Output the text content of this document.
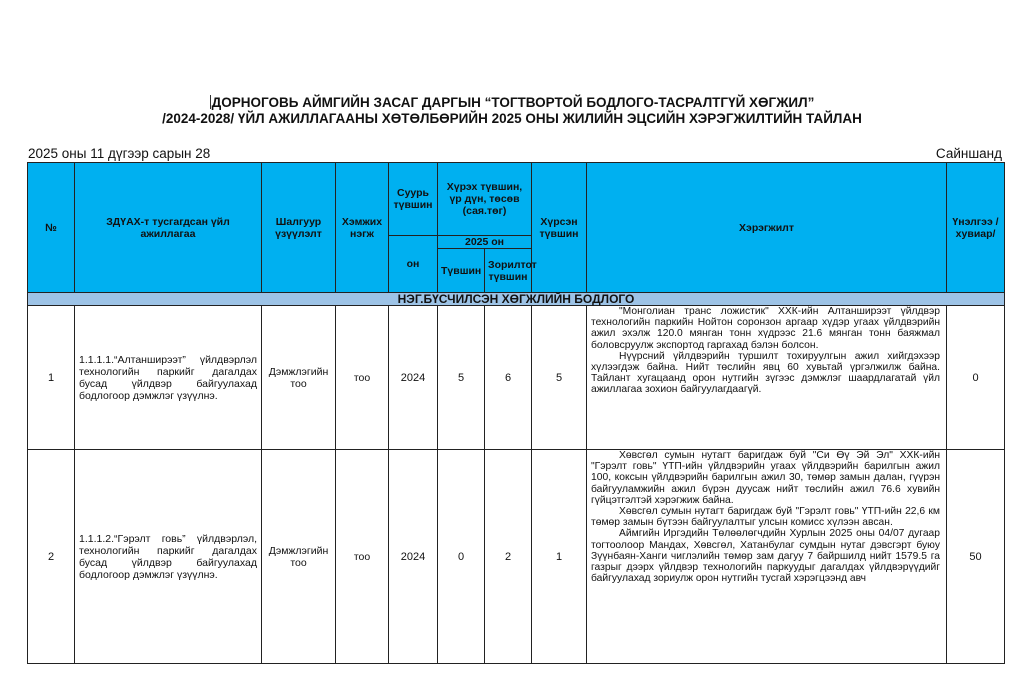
ДОРНОГОВЬ АЙМГИЙН ЗАСАГ ДАРГЫН “ТОГТВОРТОЙ БОДЛОГО-ТАСРАЛТГҮЙ ХӨГЖИЛ”
/2024-2028/ ҮЙЛ АЖИЛЛАГААНЫ ХӨТӨЛБӨРИЙН 2025 ОНЫ ЖИЛИЙН ЭЦСИЙН ХЭРЭГЖИЛТИЙН ТАЙЛАН
2025 оны 11 дүгээр сарын 28	Сайншанд
№	ЗДҮАХ-т тусгагдсан үйл ажиллагаа	Шалгуур үзүүлэлт	Хэмжих нэгж	Суурь түвшин	Хүрэх түвшин, үр дүн, төсөв (сая.төг)		Хүрсэн түвшин	Хэрэгжилт	Үнэлгээ /хувиар/
				он	2025 он				
					Түвшин	Зорилтот түвшин			
НЭГ.БҮСЧИЛСЭН ХӨГЖЛИЙН БОДЛОГО									
1	1.1.1.1.“Алтанширээт” үйлдвэрлэл технологийн паркийг дагалдах бусад үйлдвэр байгуулахад бодлогоор дэмжлэг үзүүлнэ.	Дэмжлэгийн тоо	тоо	2024	5	6	5	"Монголиан транс ложистик" ХХК-ийн Алтанширээт үйлдвэр технологийн паркийн Нойтон соронзон аргаар хүдэр угаах үйлдвэрийн ажил эхэлж 120.0 мянган тонн хүдрээс 21.6 мянган тонн баяжмал боловсруулж экспортод гаргахад бэлэн болсон.

Нүүрсний үйлдвэрийн туршилт тохируулгын ажил хийгдэхээр хүлээгдэж байна. Нийт төслийн явц 60 хувьтай үргэлжилж байна. Тайлант хугацаанд орон нутгийн зүгээс дэмжлэг шаардлагатай үйл ажиллагаа зохион байгуулагдаагүй.	0
2	1.1.1.2.“Гэрэлт говь” үйлдвэрлэл, технологийн паркийг дагалдах бусад үйлдвэр байгуулахад бодлогоор дэмжлэг үзүүлнэ.	Дэмжлэгийн тоо	тоо	2024	0	2	1	Хөвсгөл сумын нутагт баригдаж буй "Си Өү Эй Эл" ХХК-ийн "Гэрэлт говь" ҮТП-ийн үйлдвэрийн угаах үйлдвэрийн барилгын ажил 100, коксын үйлдвэрийн барилгын ажил 30, төмөр замын далан, гүүрэн байгууламжийн ажил бүрэн дуусаж нийт төслийн ажил 76.6 хувийн гүйцэтгэлтэй хэрэгжиж байна.

Хөвсгөл сумын нутагт баригдаж буй "Гэрэлт говь" ҮТП-ийн 22,6 км төмөр замын бүтээн байгуулалтыг улсын комисс хүлээн авсан.

Аймгийн Иргэдийн Төлөөлөгчдийн Хурлын 2025 оны 04/07 дугаар тогтоолоор Мандах, Хөвсгөл, Хатанбулаг сумдын нутаг дэвсгэрт буюу Зүүнбаян-Ханги чиглэлийн төмөр зам дагуу 7 байршилд нийт 1579.5 га газрыг дээрх үйлдвэр технологийн паркуудыг дагалдах үйлдвэрүүдийг байгуулахад зориулж орон нутгийн тусгай хэрэгцээнд авч	50
